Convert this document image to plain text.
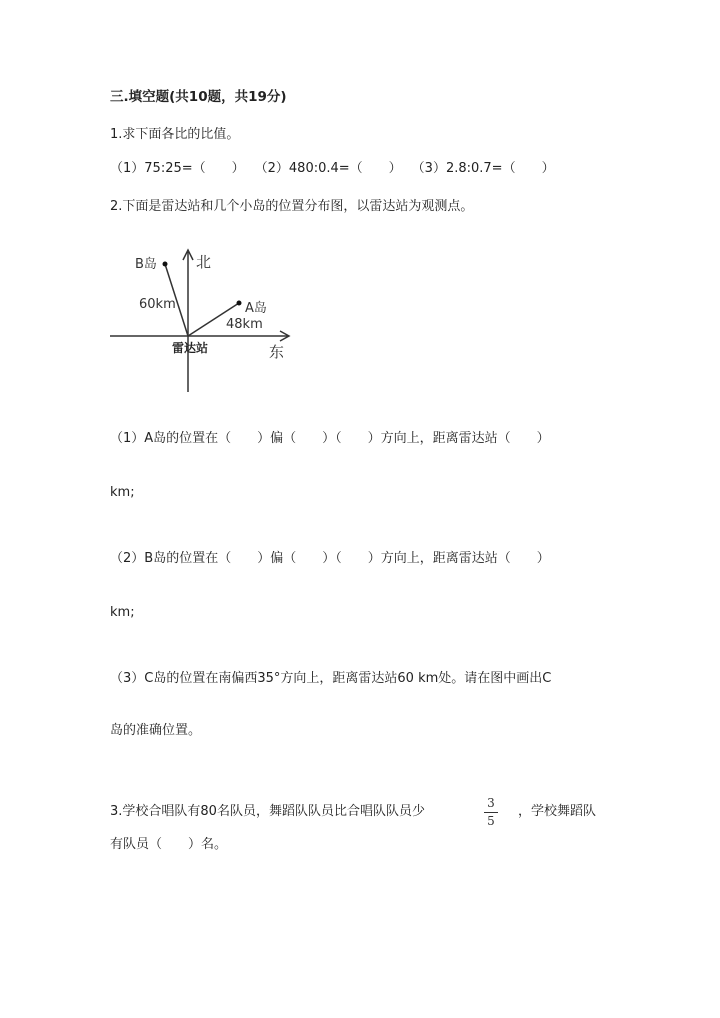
三.填空题(共10题，共19分)
1.求下面各比的比值。
（1）75:25=（　　） （2）480:0.4=（　　） （3）2.8:0.7=（　　）
2.下面是雷达站和几个小岛的位置分布图，以雷达站为观测点。
北
东
B岛
A岛
60km
48km
雷达站
（1）A岛的位置在（　　）偏（　　）（　　）方向上，距离雷达站（　　）
km;
（2）B岛的位置在（　　）偏（　　）（　　）方向上，距离雷达站（　　）
km;
（3）C岛的位置在南偏西35°方向上，距离雷达站60 km处。请在图中画出C
岛的准确位置。
3.学校合唱队有80名队员，舞蹈队队员比合唱队队员少
3
5
，学校舞蹈队
有队员（　　）名。
